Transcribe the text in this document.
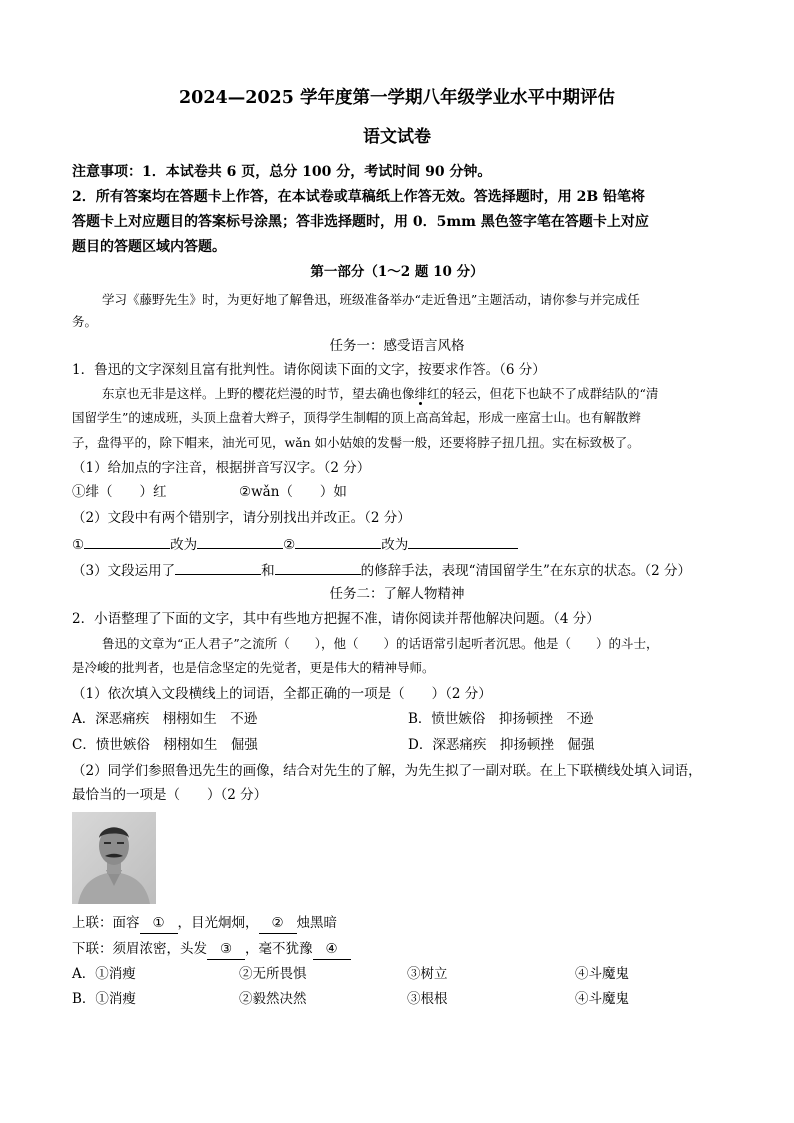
2024—2025 学年度第一学期八年级学业水平中期评估
语文试卷
注意事项：1．本试卷共 6 页，总分 100 分，考试时间 90 分钟。
2．所有答案均在答题卡上作答，在本试卷或草稿纸上作答无效。答选择题时，用 2B 铅笔将
答题卡上对应题目的答案标号涂黑；答非选择题时，用 0．5mm 黑色签字笔在答题卡上对应
题目的答题区域内答题。
第一部分（1～2 题 10 分）
学习《藤野先生》时，为更好地了解鲁迅，班级准备举办“走近鲁迅”主题活动，请你参与并完成任
务。
任务一：感受语言风格
1．鲁迅的文字深刻且富有批判性。请你阅读下面的文字，按要求作答。（6 分）
东京也无非是这样。上野的樱花烂漫的时节，望去确也像绯红的轻云，但花下也缺不了成群结队的“清
国留学生”的速成班，头顶上盘着大辫子，顶得学生制帽的顶上高高耸起，形成一座富士山。也有解散辫
子，盘得平的，除下帽来，油光可见，wǎn 如小姑娘的发髻一般，还要将脖子扭几扭。实在标致极了。
（1）给加点的字注音，根据拼音写汉字。（2 分）
①绯（　　）红	②wǎn（　　）如
（2）文段中有两个错别字，请分别找出并改正。（2 分）
①	改为	②	改为
（3）文段运用了	和	的修辞手法，表现“清国留学生”在东京的状态。（2 分）
任务二：了解人物精神
2．小语整理了下面的文字，其中有些地方把握不准，请你阅读并帮他解决问题。（4 分）
鲁迅的文章为“正人君子”之流所（　　），他（　　）的话语常引起听者沉思。他是（　　）的斗士，
是冷峻的批判者，也是信念坚定的先觉者，更是伟大的精神导师。
（1）依次填入文段横线上的词语，全都正确的一项是（　　）（2 分）
A．深恶痛疾　栩栩如生　不逊	B．愤世嫉俗　抑扬顿挫　不逊
C．愤世嫉俗　栩栩如生　倔强	D．深恶痛疾　抑扬顿挫　倔强
（2）同学们参照鲁迅先生的画像，结合对先生的了解，为先生拟了一副对联。在上下联横线处填入词语，
最恰当的一项是（　　）（2 分）
上联：面容 ① ，目光炯炯， ② 烛黑暗
下联：须眉浓密，头发 ③ ，毫不犹豫 ④
A．①消瘦	②无所畏惧	③树立	④斗魔鬼
B．①消瘦	②毅然决然	③根根	④斗魔鬼
